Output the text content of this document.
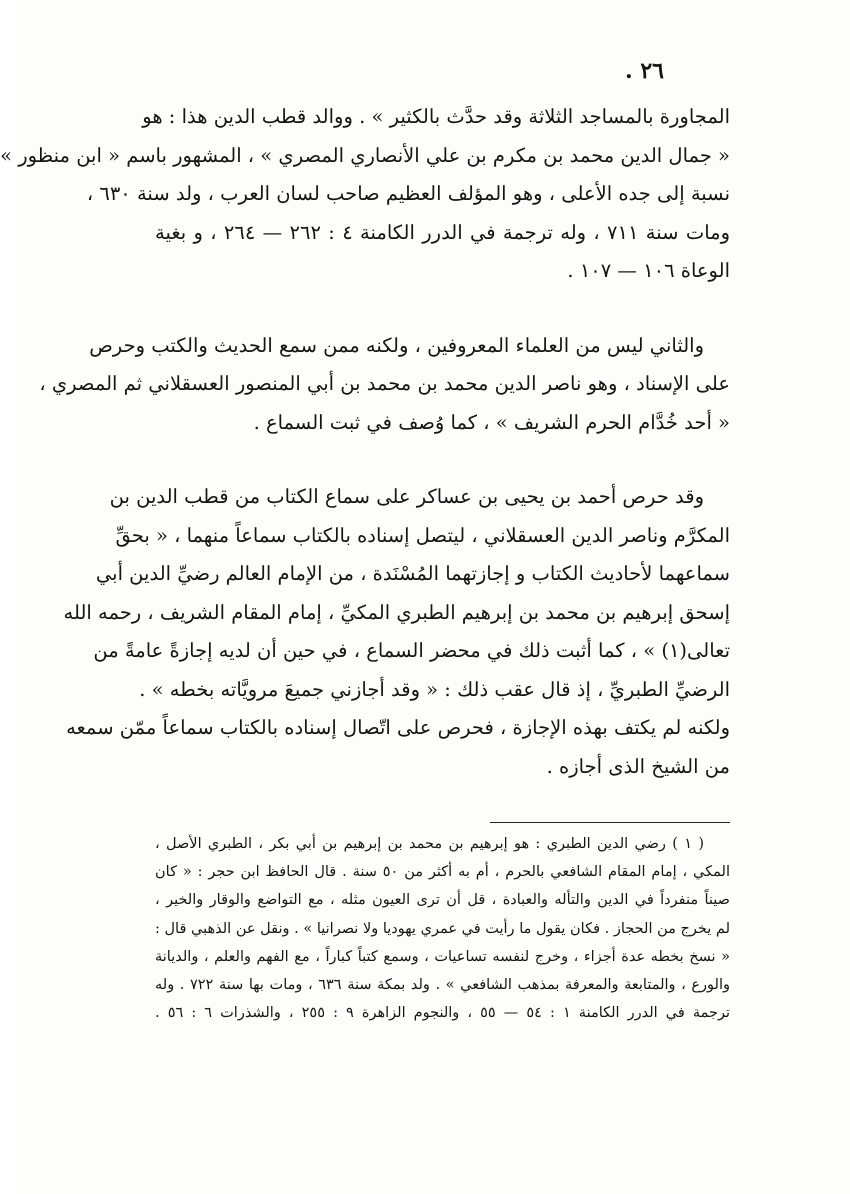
٢٦ .
المجاورة بالمساجد الثلاثة وقد حدَّث بالكثير » . ووالد قطب الدين هذا : هو
« جمال الدين محمد بن مكرم بن علي الأنصاري المصري » ، المشهور باسم « ابن منظور »
نسبة إلى جده الأعلى ، وهو المؤلف العظيم صاحب لسان العرب ، ولد سنة ٦٣٠ ،
ومات سنة ٧١١ ، وله ترجمة في الدرر الكامنة ٤ : ٢٦٢ — ٢٦٤ ، و بغية
الوعاة ١٠٦ — ١٠٧ .
والثاني ليس من العلماء المعروفين ، ولكنه ممن سمع الحديث والكتب وحرص
على الإسناد ، وهو ناصر الدين محمد بن محمد بن أبي المنصور العسقلاني ثم المصري ،
« أحد خُدَّام الحرم الشريف » ، كما وُصف في ثبت السماع .
وقد حرص أحمد بن يحيى بن عساكر على سماع الكتاب من قطب الدين بن
المكرَّم وناصر الدين العسقلاني ، ليتصل إسناده بالكتاب سماعاً منهما ، « بحقِّ
سماعهما لأحاديث الكتاب و إجازتهما المُسْنَدة ، من الإمام العالم رضيِّ الدين أبي
إسحق إبرهيم بن محمد بن إبرهيم الطبري المكيِّ ، إمام المقام الشريف ، رحمه الله
تعالى(١) » ، كما أثبت ذلك في محضر السماع ، في حين أن لديه إجازةً عامةً من
الرضيِّ الطبريِّ ، إذ قال عقب ذلك : « وقد أجازني جميعَ مرويَّاته بخطه » .
ولكنه لم يكتف بهذه الإجازة ، فحرص على اتّصال إسناده بالكتاب سماعاً ممّن سمعه
من الشيخ الذى أجازه .
( ١ ) رضي الدين الطبري : هو إبرهيم بن محمد بن إبرهيم بن أبي بكر ، الطبري الأصل ،
المكي ، إمام المقام الشافعي بالحرم ، أم به أكثر من ٥٠ سنة . قال الحافظ ابن حجر : « كان
صيناً منفرداً في الدين والتأله والعبادة ، قل أن ترى العيون مثله ، مع التواضع والوقار والخير ،
لم يخرج من الحجاز . فكان يقول ما رأيت في عمري يهوديا ولا نصرانيا » . ونقل عن الذهبي قال :
« نسخ بخطه عدة أجزاء ، وخرج لنفسه تساعيات ، وسمع كتباً كباراً ، مع الفهم والعلم ، والديانة
والورع ، والمتابعة والمعرفة بمذهب الشافعي » . ولد بمكة سنة ٦٣٦ ، ومات بها سنة ٧٢٢ . وله
ترجمة في الدرر الكامنة ١ : ٥٤ — ٥٥ ، والنجوم الزاهرة ٩ : ٢٥٥ ، والشذرات ٦ : ٥٦ .
